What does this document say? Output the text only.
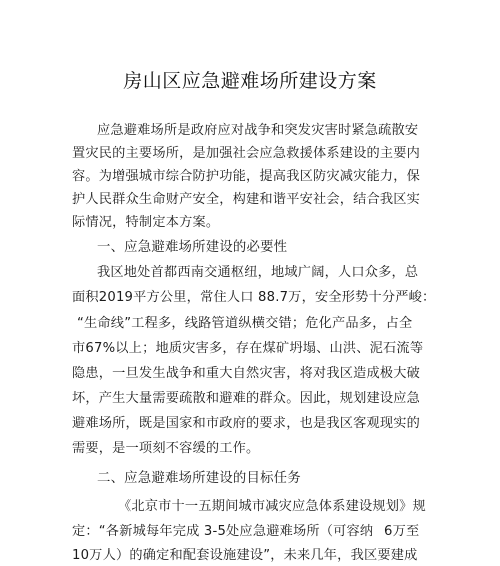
房山区应急避难场所建设方案
应急避难场所是政府应对战争和突发灾害时紧急疏散安
置灾民的主要场所，是加强社会应急救援体系建设的主要内
容。为增强城市综合防护功能，提高我区防灾减灾能力，保
护人民群众生命财产安全，构建和谐平安社会，结合我区实
际情况，特制定本方案。
一、应急避难场所建设的必要性
我区地处首都西南交通枢纽，地域广阔，人口众多，总
面积2019平方公里，常住人口 88.7万，安全形势十分严峻：
“生命线”工程多，线路管道纵横交错；危化产品多，占全
市67%以上；地质灾害多，存在煤矿坍塌、山洪、泥石流等
隐患，一旦发生战争和重大自然灾害，将对我区造成极大破
坏，产生大量需要疏散和避难的群众。因此，规划建设应急
避难场所，既是国家和市政府的要求，也是我区客观现实的
需要，是一项刻不容缓的工作。
二、应急避难场所建设的目标任务
《北京市十一五期间城市减灾应急体系建设规划》规
定：“各新城每年完成 3-5处应急避难场所（可容纳 6万至
10万人）的确定和配套设施建设”，未来几年，我区要建成
